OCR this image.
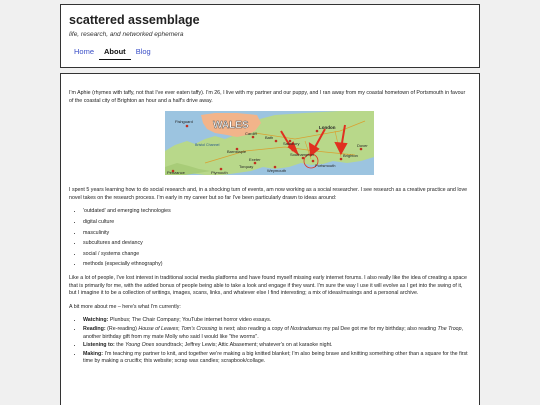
scattered assemblage
life, research, and networked ephemera
Home	About	Blog

I'm Aphie (rhymes with taffy, not that I've ever eaten taffy). I'm 26, I live with my partner and our puppy, and I ran away from my coastal hometown of Portsmouth in favour of the coastal city of Brighton an hour and a half's drive away.

Fishguard WALES
Bristol Channel
London
Southampton
Portsmouth
Brighton
Weymouth
Plymouth
Barnstaple
Cardiff
Exeter
Torquay
Bath
Salisbury	Dover
Penzance

I spent 5 years learning how to do social research and, in a shocking turn of events, am now working as a social researcher. I see research as a creative practice and love novel takes on the research process. I'm early in my career but so far I've been particularly drawn to ideas around:

• 'outdated' and emerging technologies
• digital culture
• masculinity
• subcultures and deviancy
• social / systems change
• methods (especially ethnography)

Like a lot of people, I've lost interest in traditional social media platforms and have found myself missing early internet forums. I also really like the idea of creating a space that is primarily for me, with the added bonus of people being able to take a look and engage if they want. I'm sure the way I use it will evolve as I get into the swing of it, but I imagine it to be a collection of writings, images, scans, links, and whatever else I find interesting; a mix of ideas/musings and a personal archive.

A bit more about me – here's what I'm currently:

• Watching: Plunbus; The Chair Company; YouTube internet horror video essays.
• Reading: (Re-reading) House of Leaves; Tom's Crossing is next; also reading a copy of Nostradamus my pal Dee got me for my birthday; also reading The Troop, another birthday gift from my mate Molly who said I would like "the worms".
• Listening to: the Young Ones soundtrack; Jeffrey Lewis; Attic Abasement; whatever's on at karaoke night.
• Making: I'm teaching my partner to knit, and together we're making a big knitted blanket; I'm also being brave and knitting something other than a square for the first time by making a crucifix; this website; scrap wax candles; scrapbook/collage.
